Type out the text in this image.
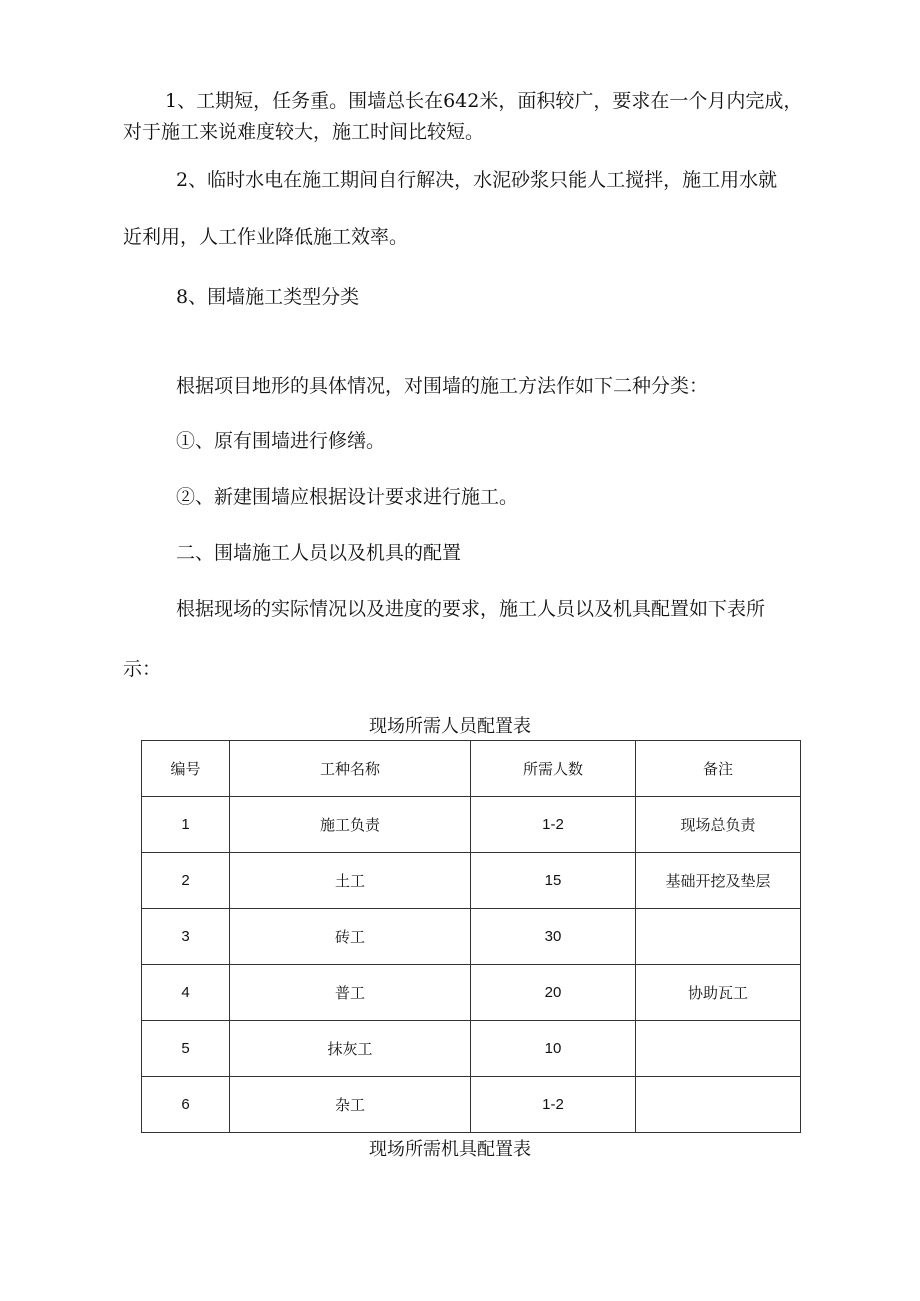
1、工期短，任务重。围墙总长在642米，面积较广，要求在一个月内完成，

对于施工来说难度较大，施工时间比较短。

2、临时水电在施工期间自行解决，水泥砂浆只能人工搅拌，施工用水就

近利用，人工作业降低施工效率。

8、围墙施工类型分类

根据项目地形的具体情况，对围墙的施工方法作如下二种分类：

①、原有围墙进行修缮。

②、新建围墙应根据设计要求进行施工。

二、围墙施工人员以及机具的配置

根据现场的实际情况以及进度的要求，施工人员以及机具配置如下表所

示：

现场所需人员配置表

编号	工种名称	所需人数	备注
1	施工负责	1-2	现场总负责
2	土工	15	基础开挖及垫层
3	砖工	30	
4	普工	20	协助瓦工
5	抹灰工	10	
6	杂工	1-2	

现场所需机具配置表
